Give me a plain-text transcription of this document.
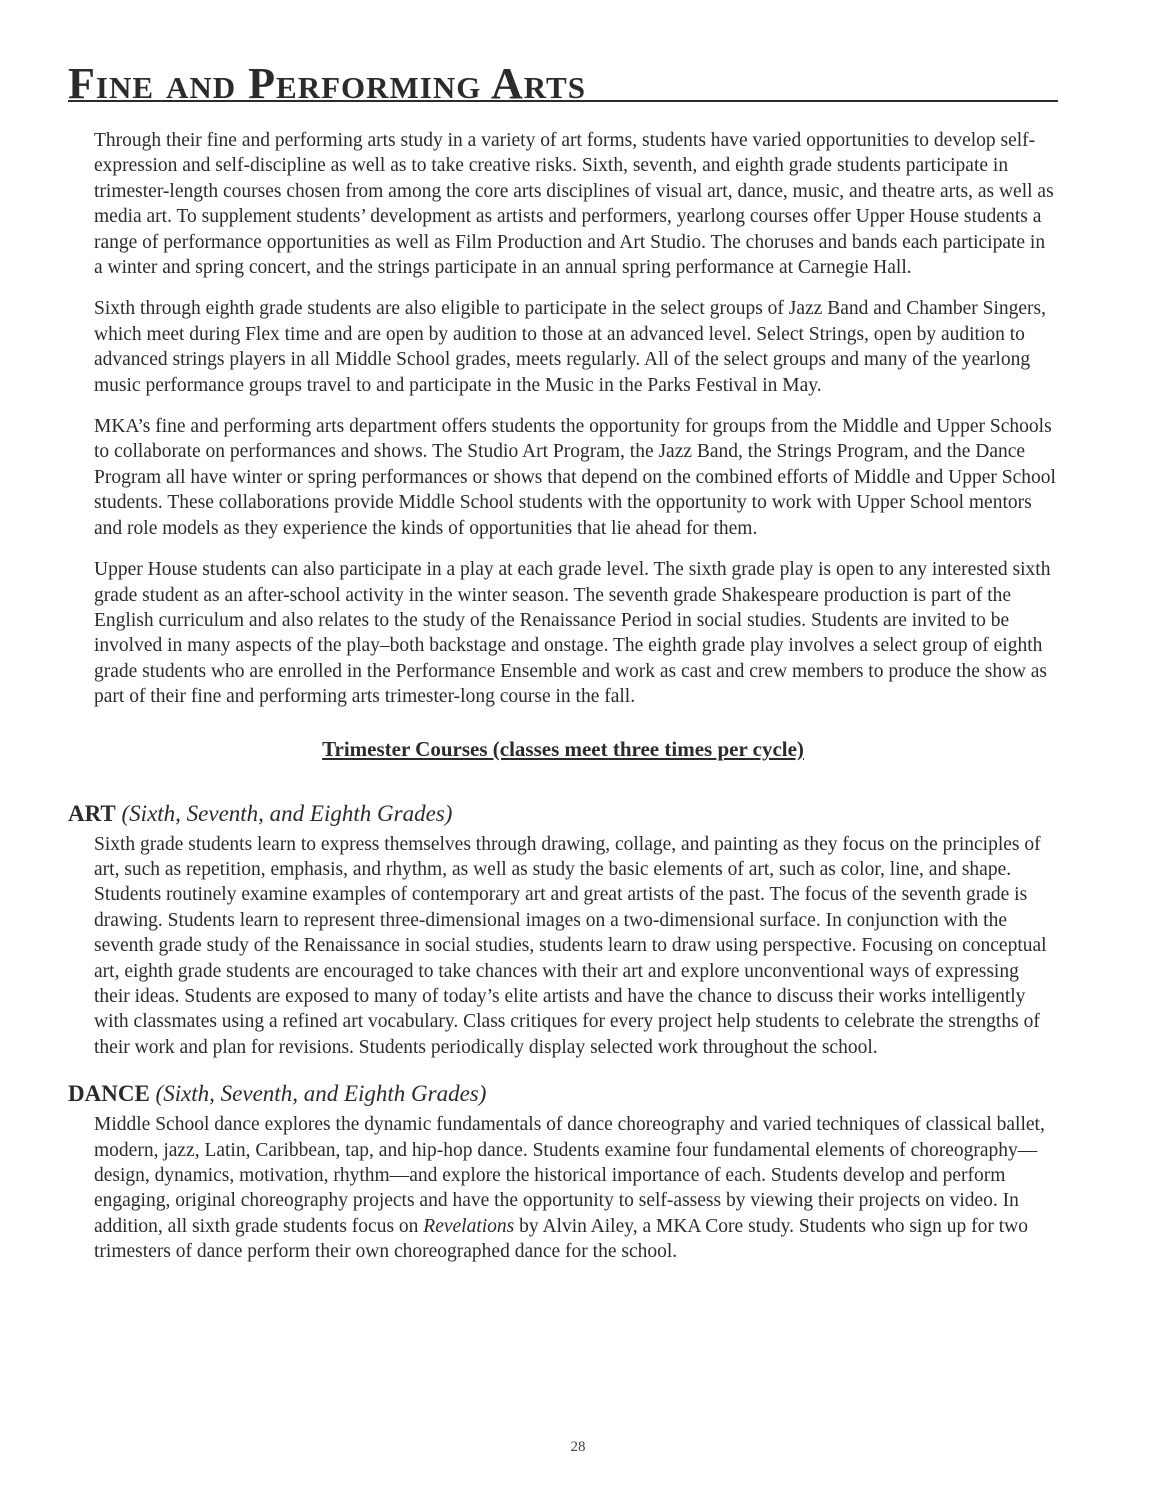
Fine and Performing Arts

Through their fine and performing arts study in a variety of art forms, students have varied opportunities to develop self-expression and self-discipline as well as to take creative risks. Sixth, seventh, and eighth grade students participate in trimester-length courses chosen from among the core arts disciplines of visual art, dance, music, and theatre arts, as well as media art. To supplement students’ development as artists and performers, yearlong courses offer Upper House students a range of performance opportunities as well as Film Production and Art Studio. The choruses and bands each participate in a winter and spring concert, and the strings participate in an annual spring performance at Carnegie Hall.

Sixth through eighth grade students are also eligible to participate in the select groups of Jazz Band and Chamber Singers, which meet during Flex time and are open by audition to those at an advanced level. Select Strings, open by audition to advanced strings players in all Middle School grades, meets regularly. All of the select groups and many of the yearlong music performance groups travel to and participate in the Music in the Parks Festival in May.

MKA’s fine and performing arts department offers students the opportunity for groups from the Middle and Upper Schools to collaborate on performances and shows. The Studio Art Program, the Jazz Band, the Strings Program, and the Dance Program all have winter or spring performances or shows that depend on the combined efforts of Middle and Upper School students. These collaborations provide Middle School students with the opportunity to work with Upper School mentors and role models as they experience the kinds of opportunities that lie ahead for them.

Upper House students can also participate in a play at each grade level. The sixth grade play is open to any interested sixth grade student as an after-school activity in the winter season. The seventh grade Shakespeare production is part of the English curriculum and also relates to the study of the Renaissance Period in social studies. Students are invited to be involved in many aspects of the play–both backstage and onstage. The eighth grade play involves a select group of eighth grade students who are enrolled in the Performance Ensemble and work as cast and crew members to produce the show as part of their fine and performing arts trimester-long course in the fall.

Trimester Courses (classes meet three times per cycle)
ART (Sixth, Seventh, and Eighth Grades)

Sixth grade students learn to express themselves through drawing, collage, and painting as they focus on the principles of art, such as repetition, emphasis, and rhythm, as well as study the basic elements of art, such as color, line, and shape. Students routinely examine examples of contemporary art and great artists of the past. The focus of the seventh grade is drawing. Students learn to represent three-dimensional images on a two-dimensional surface. In conjunction with the seventh grade study of the Renaissance in social studies, students learn to draw using perspective. Focusing on conceptual art, eighth grade students are encouraged to take chances with their art and explore unconventional ways of expressing their ideas. Students are exposed to many of today’s elite artists and have the chance to discuss their works intelligently with classmates using a refined art vocabulary. Class critiques for every project help students to celebrate the strengths of their work and plan for revisions. Students periodically display selected work throughout the school.

DANCE (Sixth, Seventh, and Eighth Grades)

Middle School dance explores the dynamic fundamentals of dance choreography and varied techniques of classical ballet, modern, jazz, Latin, Caribbean, tap, and hip-hop dance. Students examine four fundamental elements of choreography—design, dynamics, motivation, rhythm—and explore the historical importance of each. Students develop and perform engaging, original choreography projects and have the opportunity to self-assess by viewing their projects on video. In addition, all sixth grade students focus on Revelations by Alvin Ailey, a MKA Core study. Students who sign up for two trimesters of dance perform their own choreographed dance for the school.

28
